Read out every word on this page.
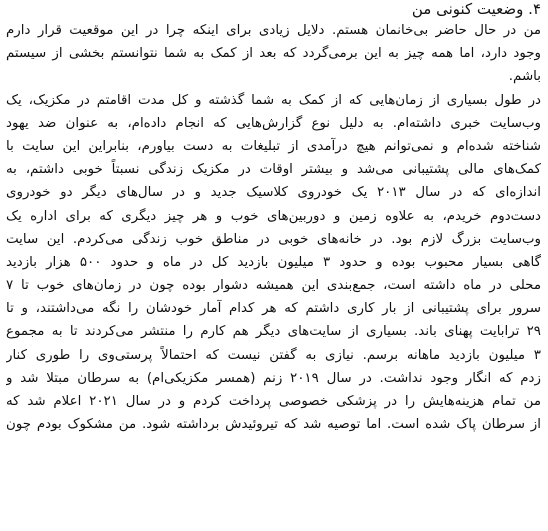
۴. وضعیت کنونی من

من در حال حاضر بی‌خانمان هستم. دلایل زیادی برای اینکه چرا در این موقعیت قرار دارم
وجود دارد، اما همه چیز به این برمی‌گردد که بعد از کمک به شما نتوانستم بخشی از سیستم
باشم.

در طول بسیاری از زمان‌هایی که از کمک به شما گذشته و کل مدت اقامتم در مکزیک، یک
وب‌سایت خبری داشته‌ام. به دلیل نوع گزارش‌هایی که انجام داده‌ام، به عنوان ضد یهود
شناخته شده‌ام و نمی‌توانم هیچ درآمدی از تبلیغات به دست بیاورم، بنابراین این سایت با
کمک‌های مالی پشتیبانی می‌شد و بیشتر اوقات در مکزیک زندگی نسبتاً خوبی داشتم، به
اندازه‌ای که در سال ۲۰۱۳ یک خودروی کلاسیک جدید و در سال‌های دیگر دو خودروی
دست‌دوم خریدم، به علاوه زمین و دوربین‌های خوب و هر چیز دیگری که برای اداره یک
وب‌سایت بزرگ لازم بود. در خانه‌های خوبی در مناطق خوب زندگی می‌کردم. این سایت
گاهی بسیار محبوب بوده و حدود ۳ میلیون بازدید کل در ماه و حدود ۵۰۰ هزار بازدید
محلی در ماه داشته است، جمع‌بندی این همیشه دشوار بوده چون در زمان‌های خوب تا ۷
سرور برای پشتیبانی از بار کاری داشتم که هر کدام آمار خودشان را نگه می‌داشتند، و تا
۲۹ ترابایت پهنای باند. بسیاری از سایت‌های دیگر هم کارم را منتشر می‌کردند تا به مجموع
۳ میلیون بازدید ماهانه برسم. نیازی به گفتن نیست که احتمالاً پرستی‌وی را طوری کنار
زدم که انگار وجود نداشت. در سال ۲۰۱۹ زنم (همسر مکزیکی‌ام) به سرطان مبتلا شد و
من تمام هزینه‌هایش را در پزشکی خصوصی پرداخت کردم و در سال ۲۰۲۱ اعلام شد که
از سرطان پاک شده است. اما توصیه شد که تیروئیدش برداشته شود. من مشکوک بودم چون
